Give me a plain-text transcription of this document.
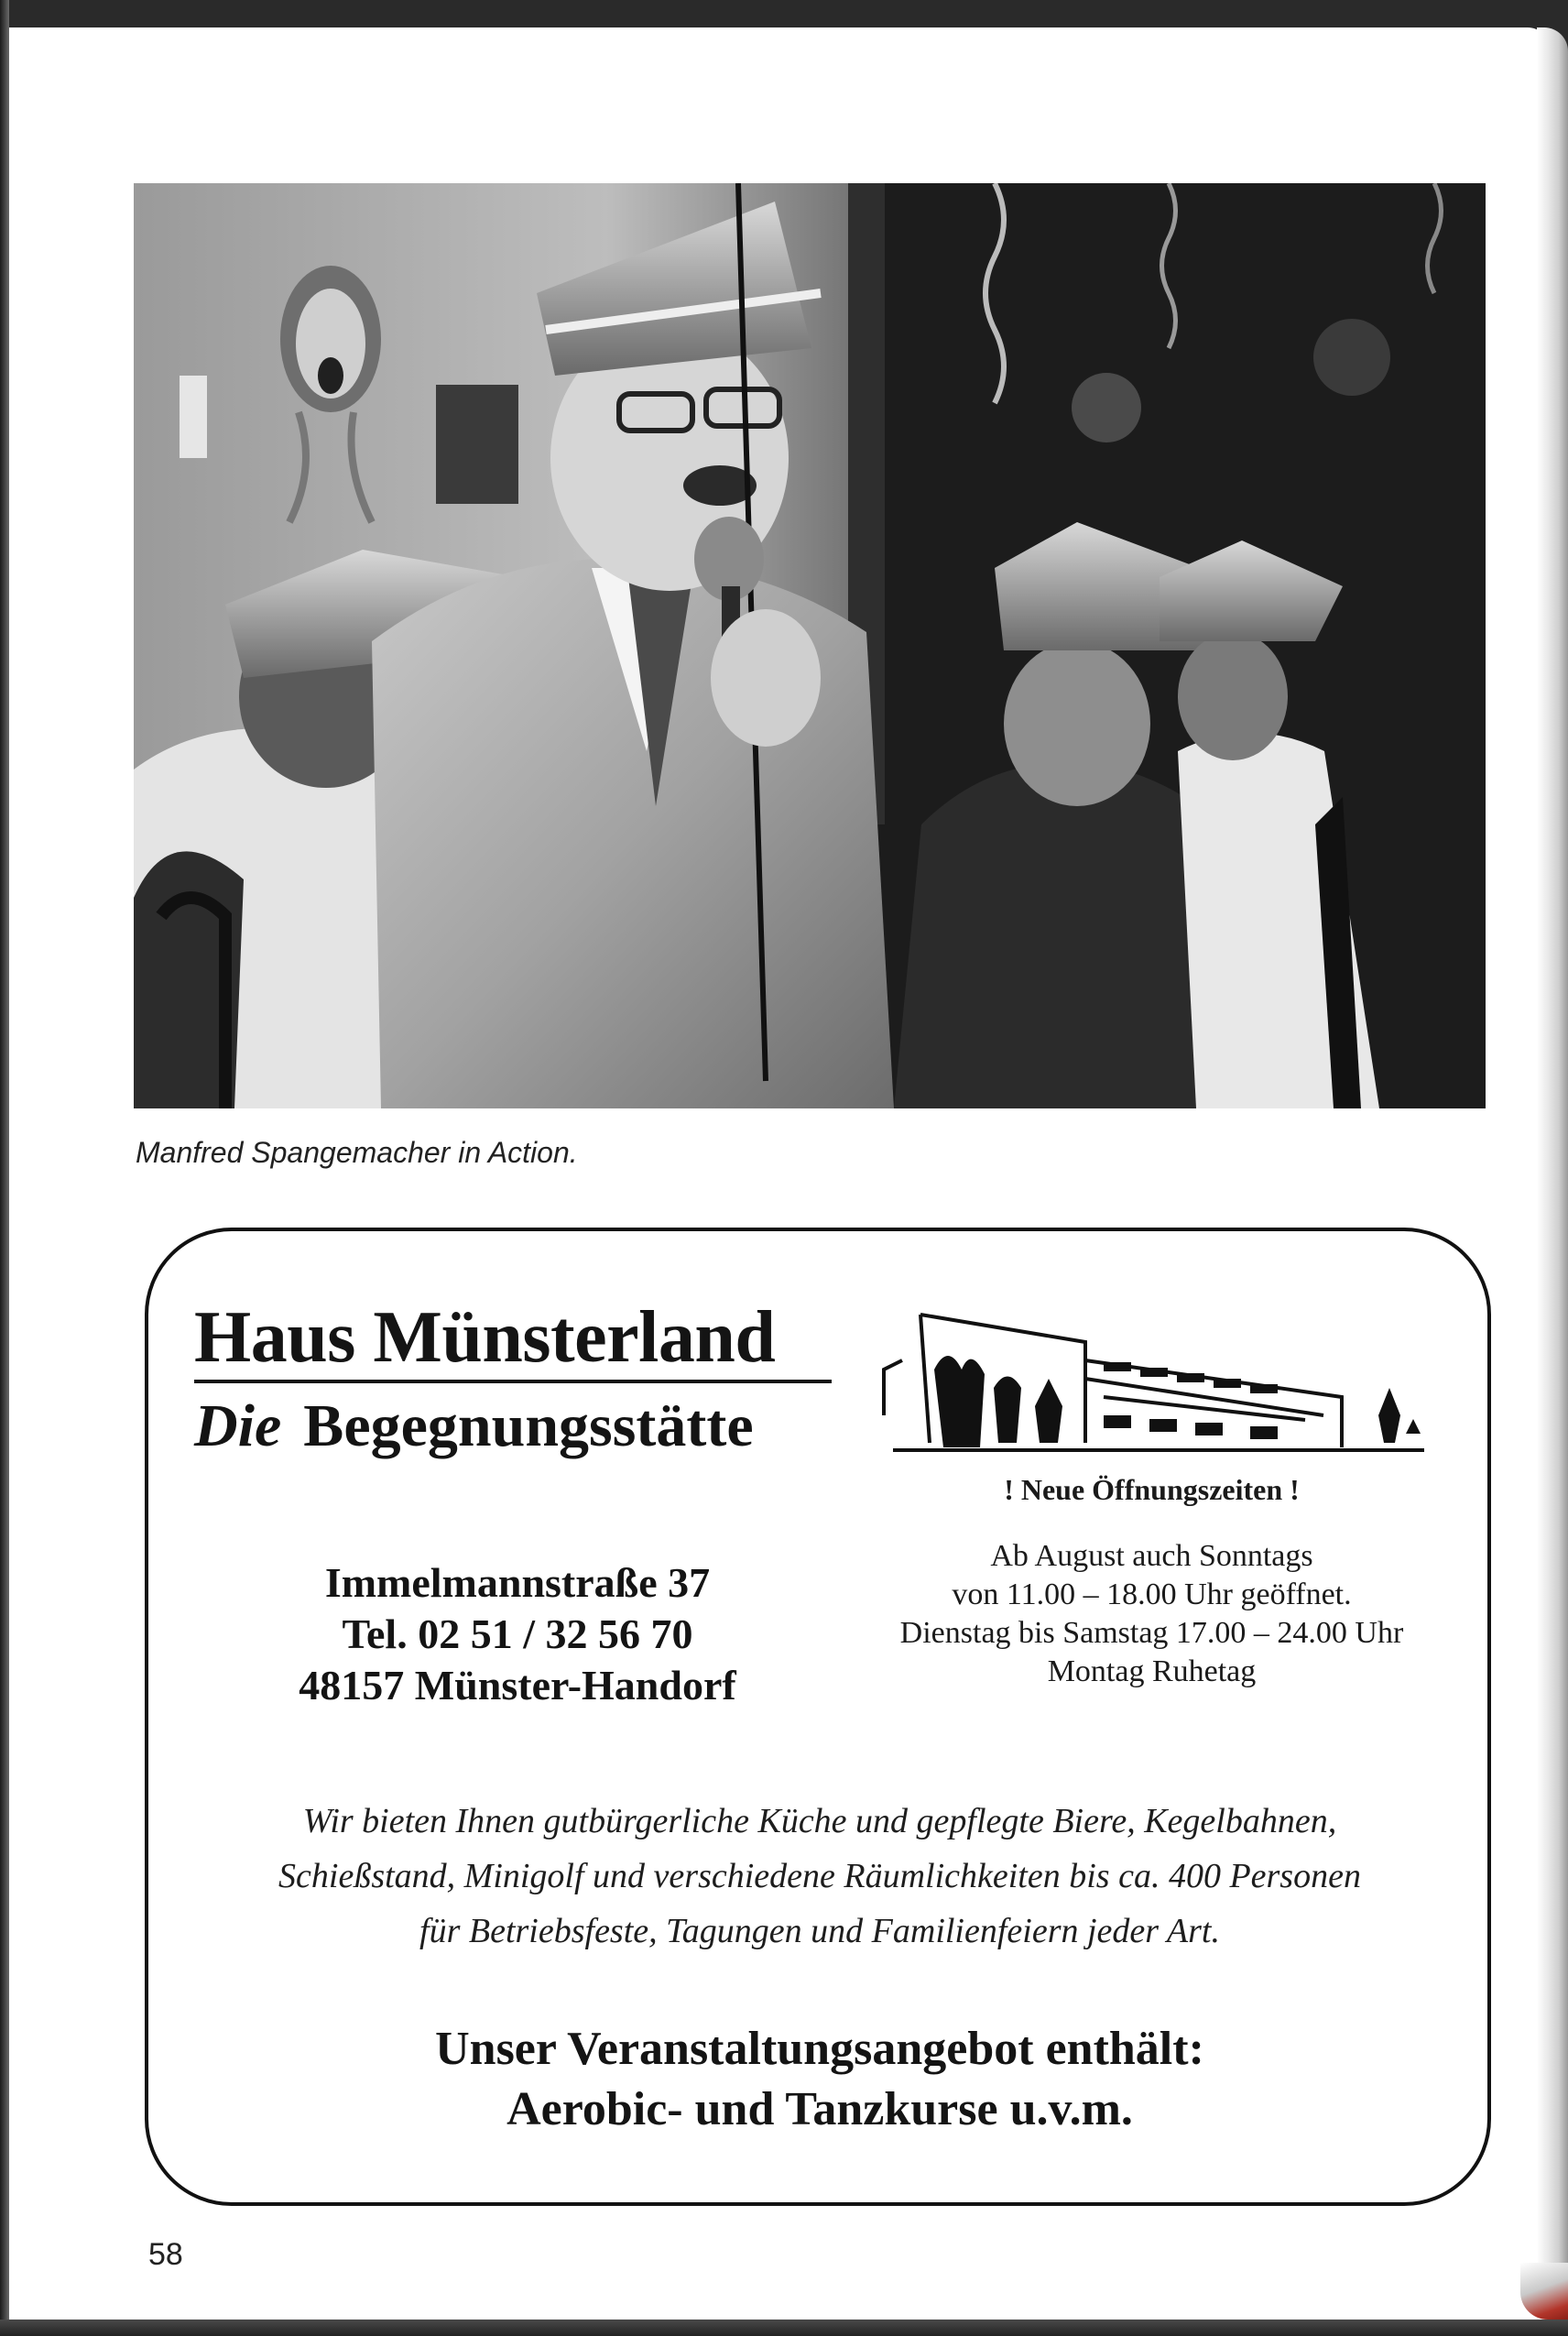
Manfred Spangemacher in Action.
Haus Münsterland
Die Begegnungsstätte
! Neue Öffnungszeiten !
Ab August auch Sonntags
von 11.00 – 18.00 Uhr geöffnet.
Dienstag bis Samstag 17.00 – 24.00 Uhr
Montag Ruhetag
Immelmannstraße 37
Tel. 02 51 / 32 56 70
48157 Münster-Handorf
Wir bieten Ihnen gutbürgerliche Küche und gepflegte Biere, Kegelbahnen,
Schießstand, Minigolf und verschiedene Räumlichkeiten bis ca. 400 Personen
für Betriebsfeste, Tagungen und Familienfeiern jeder Art.
Unser Veranstaltungsangebot enthält:
Aerobic- und Tanzkurse u.v.m.
58
